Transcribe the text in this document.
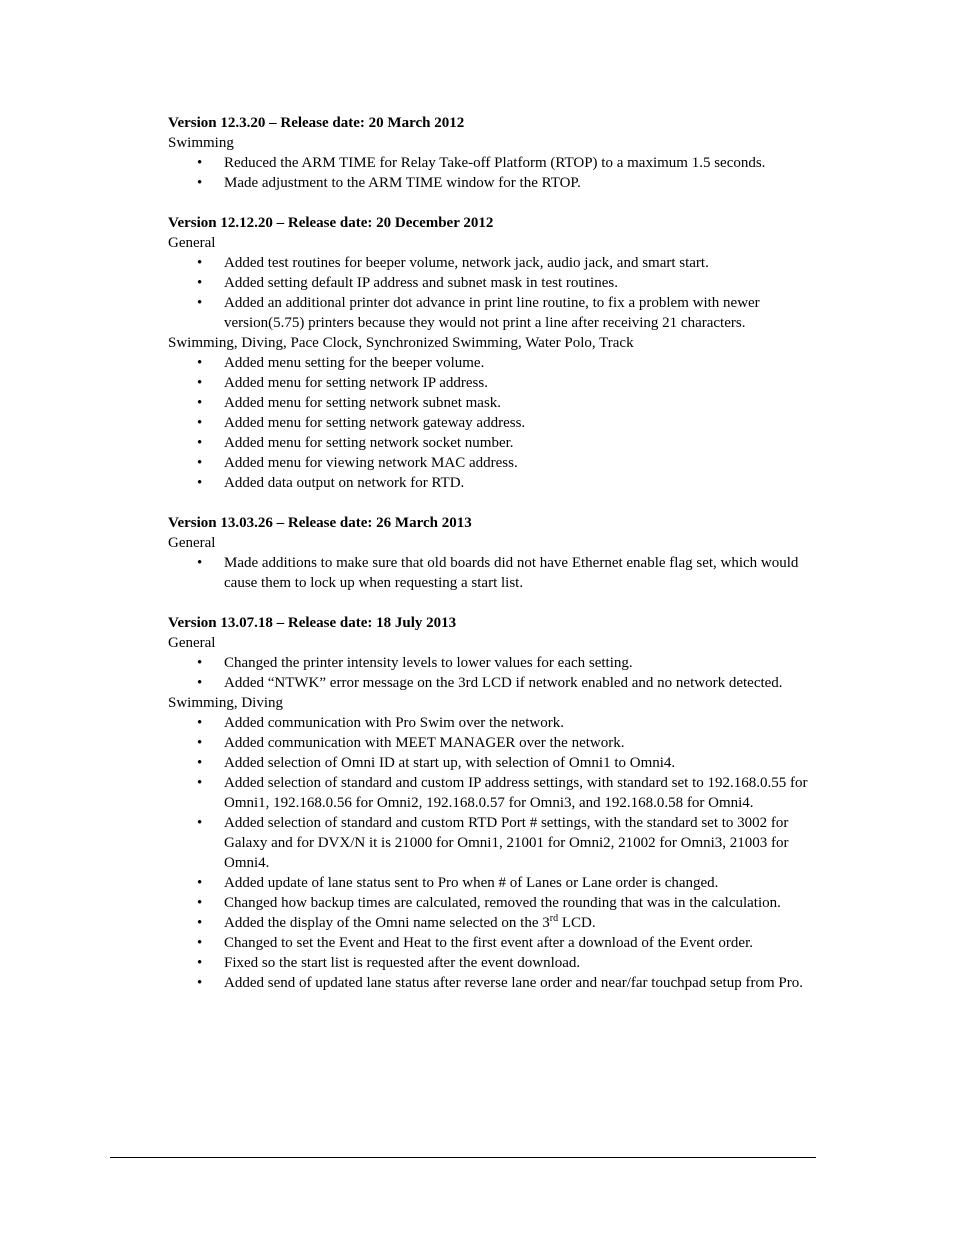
Version 12.3.20 – Release date: 20 March 2012
Swimming
• Reduced the ARM TIME for Relay Take-off Platform (RTOP) to a maximum 1.5 seconds.
• Made adjustment to the ARM TIME window for the RTOP.
Version 12.12.20 – Release date: 20 December 2012
General
• Added test routines for beeper volume, network jack, audio jack, and smart start.
• Added setting default IP address and subnet mask in test routines.
• Added an additional printer dot advance in print line routine, to fix a problem with newer version(5.75) printers because they would not print a line after receiving 21 characters.
Swimming, Diving, Pace Clock, Synchronized Swimming, Water Polo, Track
• Added menu setting for the beeper volume.
• Added menu for setting network IP address.
• Added menu for setting network subnet mask.
• Added menu for setting network gateway address.
• Added menu for setting network socket number.
• Added menu for viewing network MAC address.
• Added data output on network for RTD.
Version 13.03.26 – Release date: 26 March 2013
General
• Made additions to make sure that old boards did not have Ethernet enable flag set, which would cause them to lock up when requesting a start list.
Version 13.07.18 – Release date: 18 July 2013
General
• Changed the printer intensity levels to lower values for each setting.
• Added “NTWK” error message on the 3rd LCD if network enabled and no network detected.
Swimming, Diving
• Added communication with Pro Swim over the network.
• Added communication with MEET MANAGER over the network.
• Added selection of Omni ID at start up, with selection of Omni1 to Omni4.
• Added selection of standard and custom IP address settings, with standard set to 192.168.0.55 for Omni1, 192.168.0.56 for Omni2, 192.168.0.57 for Omni3, and 192.168.0.58 for Omni4.
• Added selection of standard and custom RTD Port # settings, with the standard set to 3002 for Galaxy and for DVX/N it is 21000 for Omni1, 21001 for Omni2, 21002 for Omni3, 21003 for Omni4.
• Added update of lane status sent to Pro when # of Lanes or Lane order is changed.
• Changed how backup times are calculated, removed the rounding that was in the calculation.
• Added the display of the Omni name selected on the 3rd LCD.
• Changed to set the Event and Heat to the first event after a download of the Event order.
• Fixed so the start list is requested after the event download.
• Added send of updated lane status after reverse lane order and near/far touchpad setup from Pro.
